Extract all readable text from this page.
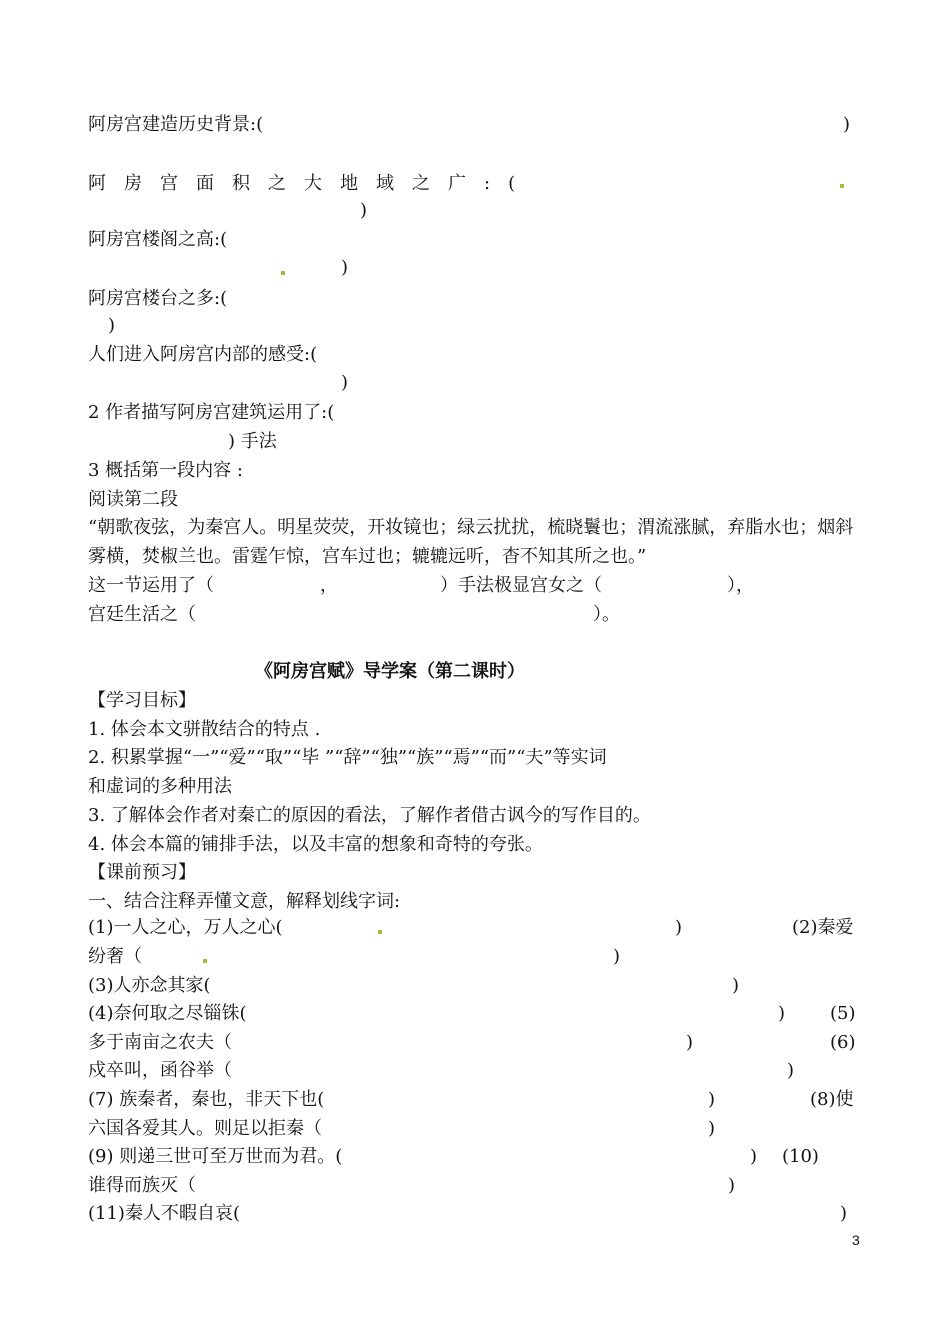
阿房宫建造历史背景:(	)
阿房宫面积之大地域之广:(
)
阿房宫楼阁之高:(
)
阿房宫楼台之多:(
)
人们进入阿房宫内部的感受:(
)
2 作者描写阿房宫建筑运用了:(
) 手法
3 概括第一段内容 :
阅读第二段
“朝歌夜弦，为秦宫人。明星荧荧，开妆镜也；绿云扰扰，梳晓鬟也；渭流涨腻，弃脂水也；烟斜
雾横，焚椒兰也。雷霆乍惊，宫车过也；辘辘远听，杳不知其所之也。”
这一节运用了（	，	）手法极显宫女之（	），
宫廷生活之（	）。
《阿房宫赋》导学案（第二课时）
【学习目标】
1. 体会本文骈散结合的特点 .
2. 积累掌握“一”“爱”“取”“毕 ”“辞”“独”“族”“焉”“而”“夫”等实词
和虚词的多种用法
3. 了解体会作者对秦亡的原因的看法，了解作者借古讽今的写作目的。
4. 体会本篇的铺排手法，以及丰富的想象和奇特的夸张。
【课前预习】
一、结合注释弄懂文意，解释划线字词:
(1)一人之心，万人之心(	)	(2)秦爱
纷奢（	)
(3)人亦念其家(	)
(4)奈何取之尽锱铢(	) (5)
多于南亩之农夫（	)	(6)
戍卒叫，函谷举（	)
(7) 族秦者，秦也，非天下也(	)	(8)使
六国各爱其人。则足以拒秦（	)
(9) 则递三世可至万世而为君。(	) (10)
谁得而族灭（	)
(11)秦人不暇自哀(	)
3
